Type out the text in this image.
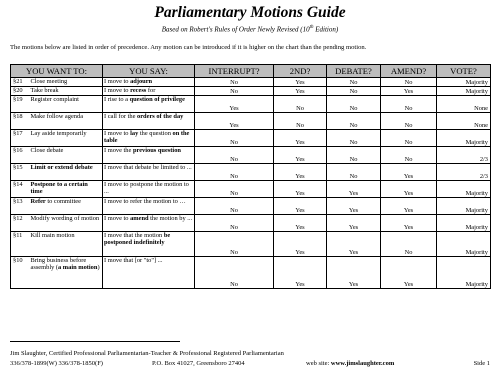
Parliamentary Motions Guide
Based on Robert's Rules of Order Newly Revised (10th Edition)
The motions below are listed in order of precedence. Any motion can be introduced if it is higher on the chart than the pending motion.
YOU WANT TO:		YOU SAY:	INTERRUPT?	2ND?	DEBATE?	AMEND?	VOTE?
§21	Close meeting	I move to adjourn	No	Yes	No	No	Majority
§20	Take break	I move to recess for	No	Yes	No	Yes	Majority
§19	Register complaint	I rise to a question of privilege	Yes	No	No	No	None
§18	Make follow agenda	I call for the orders of the day	Yes	No	No	No	None
§17	Lay aside temporarily	I move to lay the question on the table	No	Yes	No	No	Majority
§16	Close debate	I move the previous question	No	Yes	No	No	2/3
§15	Limit or extend debate	I move that debate be limited to ...	No	Yes	No	Yes	2/3
§14	Postpone to a certain time	I move to postpone the motion to ...	No	Yes	Yes	Yes	Majority
§13	Refer to committee	I move to refer the motion to …	No	Yes	Yes	Yes	Majority
§12	Modify wording of motion	I move to amend the motion by ...	No	Yes	Yes	Yes	Majority
§11	Kill main motion	I move that the motion be postponed indefinitely	No	Yes	Yes	No	Majority
§10	Bring business before assembly (a main motion)	I move that [or "to"] ...	No	Yes	Yes	Yes	Majority
Jim Slaughter, Certified Professional Parliamentarian-Teacher & Professional Registered Parliamentarian
336/378-1899(W) 336/378-1850(F)	P.O. Box 41027, Greensboro 27404	web site: www.jimslaughter.com	Side 1
